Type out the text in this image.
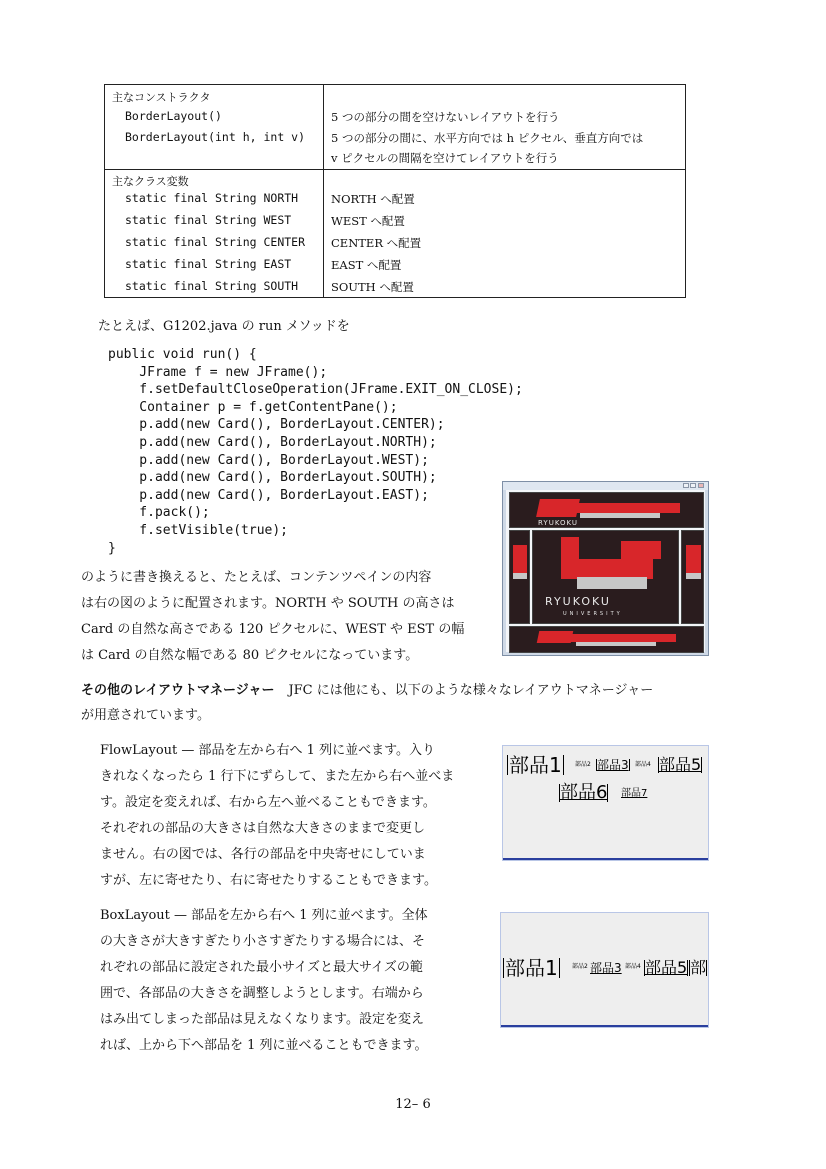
主なコンストラクタ
BorderLayout()	5 つの部分の間を空けないレイアウトを行う
BorderLayout(int h, int v) 5 つの部分の間に、水平方向では h ピクセル、垂直方向では
v ピクセルの間隔を空けてレイアウトを行う
主なクラス変数
static final String NORTH	NORTH へ配置
static final String WEST	WEST へ配置
static final String CENTER CENTER へ配置
static final String EAST	EAST へ配置
static final String SOUTH	SOUTH へ配置
たとえば、G1202.java の run メソッドを
public void run() {
JFrame f = new JFrame();
f.setDefaultCloseOperation(JFrame.EXIT_ON_CLOSE);
Container p = f.getContentPane();
p.add(new Card(), BorderLayout.CENTER);
p.add(new Card(), BorderLayout.NORTH);
p.add(new Card(), BorderLayout.WEST);
p.add(new Card(), BorderLayout.SOUTH);
p.add(new Card(), BorderLayout.EAST);
f.pack();
f.setVisible(true);
}
のように書き換えると、たとえば、コンテンツペインの内容
は右の図のように配置されます。NORTH や SOUTH の高さは
Card の自然な高さである 120 ピクセルに、WEST や EST の幅
は Card の自然な幅である 80 ピクセルになっています。
RYUKOKU
RYUKOKU
UNIVERSITY
その他のレイアウトマネージャー JFC には他にも、以下のような様々なレイアウトマネージャー
が用意されています。
FlowLayout — 部品を左から右へ 1 列に並べます。入り
きれなくなったら 1 行下にずらして、また左から右へ並べま
す。設定を変えれば、右から左へ並べることもできます。
それぞれの部品の大きさは自然な大きさのままで変更し
ません。右の図では、各行の部品を中央寄せにしていま
すが、左に寄せたり、右に寄せたりすることもできます。
部品1	部品2 部品3 部品4 部品5
部品6 部品7
BoxLayout — 部品を左から右へ 1 列に並べます。全体
の大きさが大きすぎたり小さすぎたりする場合には、そ
れぞれの部品に設定された最小サイズと最大サイズの範
囲で、各部品の大きさを調整しようとします。右端から
はみ出てしまった部品は見えなくなります。設定を変え
れば、上から下へ部品を 1 列に並べることもできます。
部品1	部品2 部品3 部品4 部品5 部
12– 6
